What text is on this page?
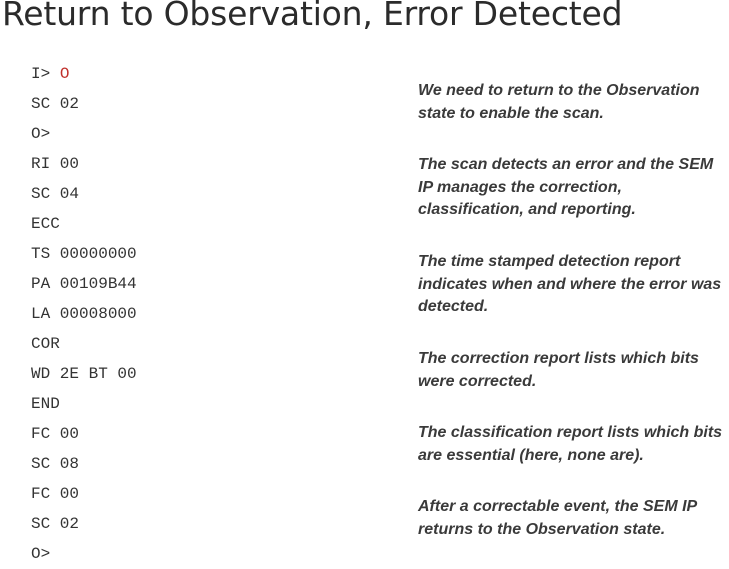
Return to Observation, Error Detected
I> O
SC 02
O>
RI 00
SC 04
ECC
TS 00000000
PA 00109B44
LA 00008000
COR
WD 2E BT 00
END
FC 00
SC 08
FC 00
SC 02
O>
We need to return to the Observation state to enable the scan.
The scan detects an error and the SEM IP manages the correction, classification, and reporting.
The time stamped detection report indicates when and where the error was detected.
The correction report lists which bits were corrected.
The classification report lists which bits are essential (here, none are).
After a correctable event, the SEM IP returns to the Observation state.
